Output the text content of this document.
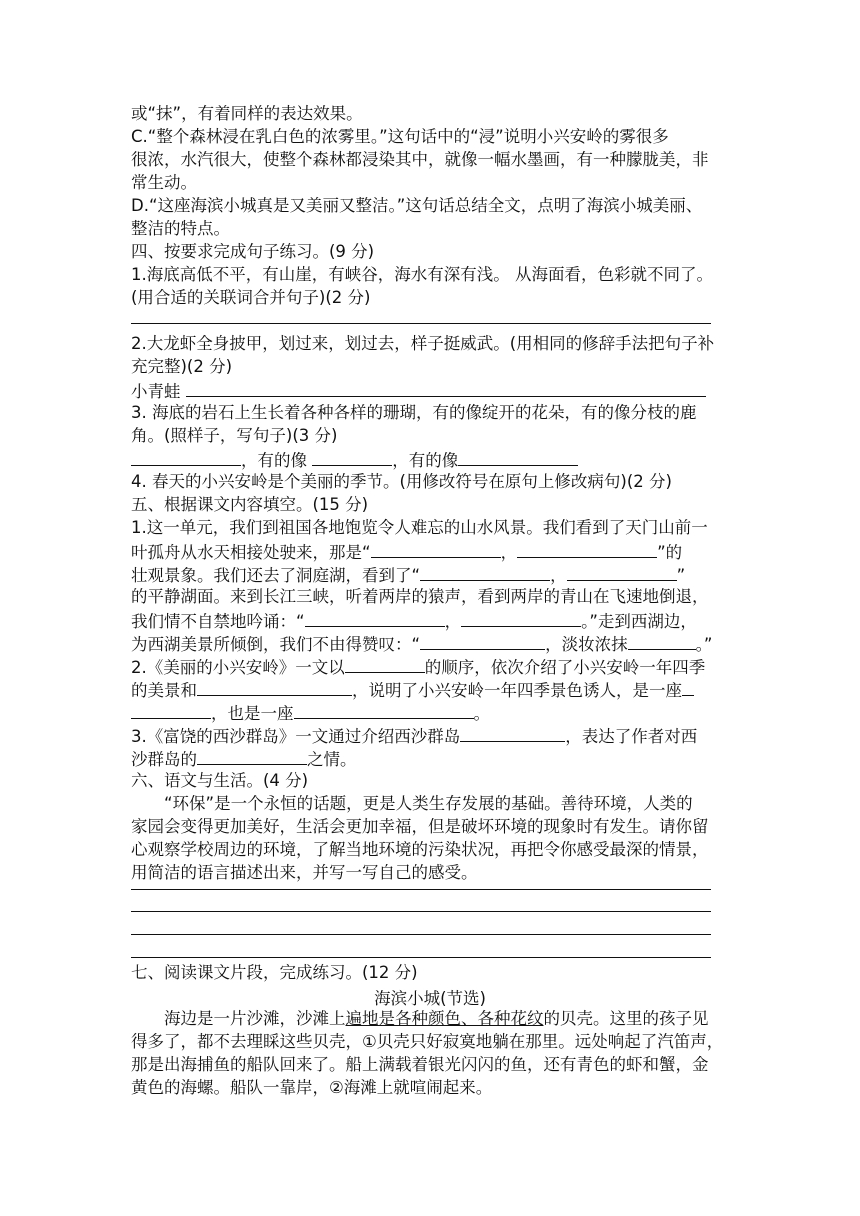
或“抹”，有着同样的表达效果。
C.“整个森林浸在乳白色的浓雾里。”这句话中的“浸”说明小兴安岭的雾很多
很浓，水汽很大，使整个森林都浸染其中，就像一幅水墨画，有一种朦胧美，非
常生动。
D.“这座海滨小城真是又美丽又整洁。”这句话总结全文，点明了海滨小城美丽、
整洁的特点。
四、按要求完成句子练习。(9 分)
1.海底高低不平，有山崖，有峡谷，海水有深有浅。 从海面看，色彩就不同了。
(用合适的关联词合并句子)(2 分)
2.大龙虾全身披甲，划过来，划过去，样子挺威武。(用相同的修辞手法把句子补
充完整)(2 分)
小青蛙
3. 海底的岩石上生长着各种各样的珊瑚，有的像绽开的花朵，有的像分枝的鹿
角。(照样子，写句子)(3 分)
，有的像	，有的像
4. 春天的小兴安岭是个美丽的季节。(用修改符号在原句上修改病句)(2 分)
五、根据课文内容填空。(15 分)
1.这一单元，我们到祖国各地饱览令人难忘的山水风景。我们看到了天门山前一
叶孤舟从水天相接处驶来，那是“	，	”的
壮观景象。我们还去了洞庭湖，看到了“	，	”
的平静湖面。来到长江三峡，听着两岸的猿声，看到两岸的青山在飞速地倒退，
我们情不自禁地吟诵：“	，	。”走到西湖边，
为西湖美景所倾倒，我们不由得赞叹：“	，淡妆浓抹	。”
2.《美丽的小兴安岭》一文以	的顺序，依次介绍了小兴安岭一年四季
的美景和	，说明了小兴安岭一年四季景色诱人，是一座
，也是一座	。
3.《富饶的西沙群岛》一文通过介绍西沙群岛	，表达了作者对西
沙群岛的	之情。
六、语文与生活。(4 分)
“环保”是一个永恒的话题，更是人类生存发展的基础。善待环境，人类的
家园会变得更加美好，生活会更加幸福，但是破坏环境的现象时有发生。请你留
心观察学校周边的环境，了解当地环境的污染状况，再把令你感受最深的情景，
用简洁的语言描述出来，并写一写自己的感受。
七、阅读课文片段，完成练习。(12 分)
海滨小城(节选)
海边是一片沙滩，沙滩上遍地是各种颜色、各种花纹的贝壳。这里的孩子见
得多了，都不去理睬这些贝壳，①贝壳只好寂寞地躺在那里。远处响起了汽笛声，
那是出海捕鱼的船队回来了。船上满载着银光闪闪的鱼，还有青色的虾和蟹，金
黄色的海螺。船队一靠岸，②海滩上就喧闹起来。
